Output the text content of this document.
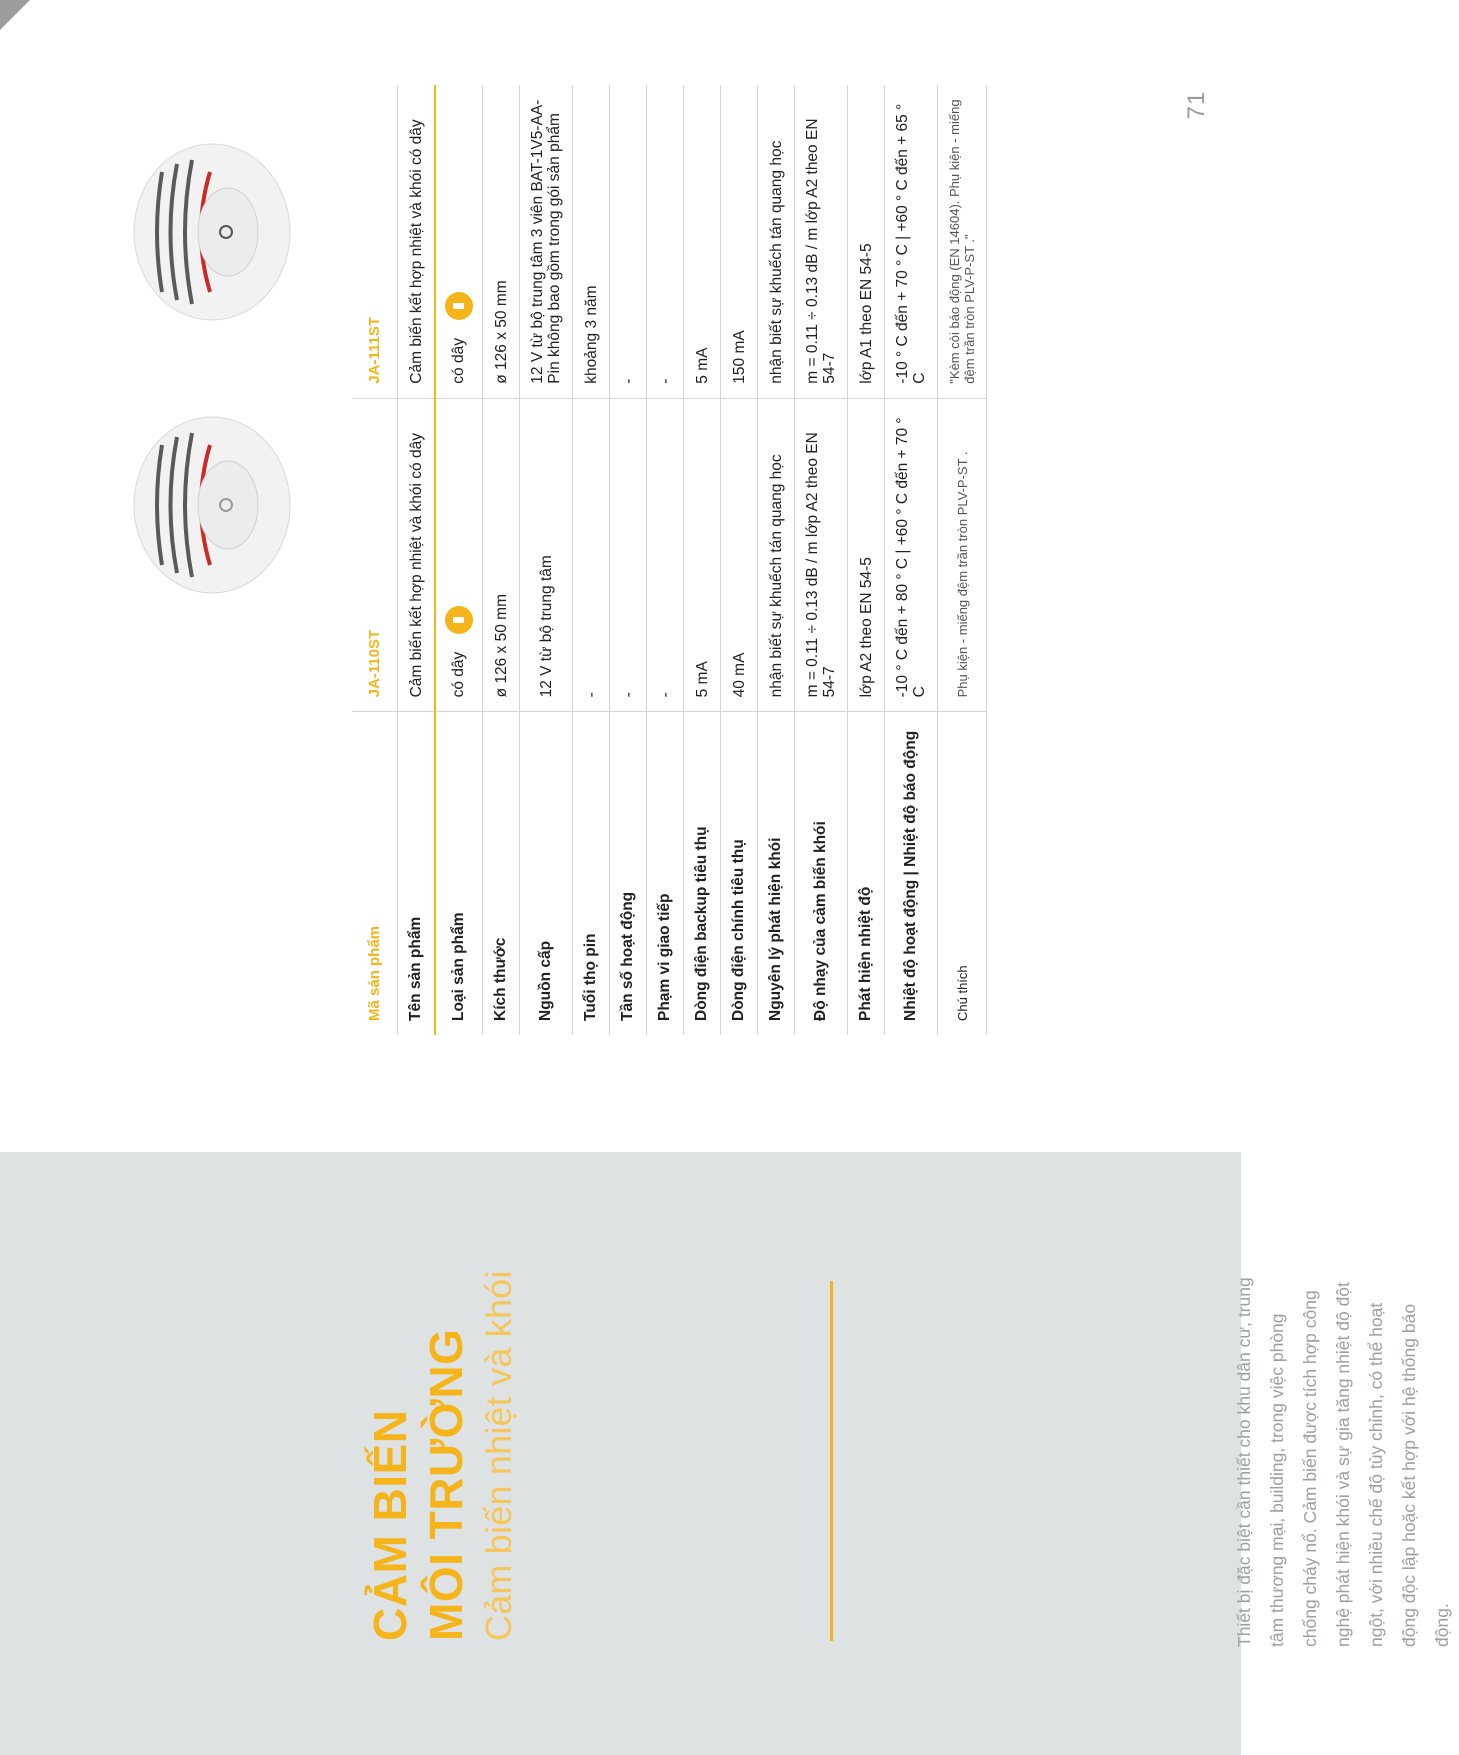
71
Mã sản phẩm	JA-110ST	JA-111ST
Tên sản phẩm	Cảm biến kết hợp nhiệt và khói có dây	Cảm biến kết hợp nhiệt và khói có dây
Loại sản phẩm	có dây	có dây
Kích thước	ø 126 x 50 mm	ø 126 x 50 mm
Nguồn cấp	12 V từ bộ trung tâm	12 V từ bộ trung tâm 3 viên BAT-1V5-AA- Pin không bao gồm trong gói sản phẩm
Tuổi thọ pin	-	khoảng 3 năm
Tần số hoạt động	-	-
Phạm vi giao tiếp	-	-
Dòng điện backup tiêu thụ	5 mA	5 mA
Dòng điện chính tiêu thụ	40 mA	150 mA
Nguyên lý phát hiện khói	nhận biết sự khuếch tán quang học	nhận biết sự khuếch tán quang học
Độ nhạy của cảm biến khói	m = 0.11 ÷ 0.13 dB / m lớp A2 theo EN 54-7	m = 0.11 ÷ 0.13 dB / m lớp A2 theo EN 54-7
Phát hiện nhiệt độ	lớp A2 theo EN 54-5	lớp A1 theo EN 54-5
Nhiệt độ hoạt động | Nhiệt độ báo động	-10 ° C đến + 80 ° C | +60 ° C đến + 70 ° C	-10 ° C đến + 70 ° C | +60 ° C đến + 65 ° C
Chú thích	Phụ kiện - miếng đệm trần tròn PLV-P-ST .	"Kèm còi báo động (EN 14604). Phụ kiện - miếng đệm trần tròn PLV-P-ST ."
CẢM BIẾN
MÔI TRƯỜNG Cảm biến nhiệt và khói	Thiết bị đặc biệt cần thiết cho khu dân cư, trung tâm thương mại, building, trong việc phòng chống cháy nổ. Cảm biến được tích hợp công nghệ phát hiện khói và sự gia tăng nhiệt độ đột ngột, với nhiều chế độ tùy chỉnh, có thể hoạt động độc lập hoặc kết hợp với hệ thống báo động.
